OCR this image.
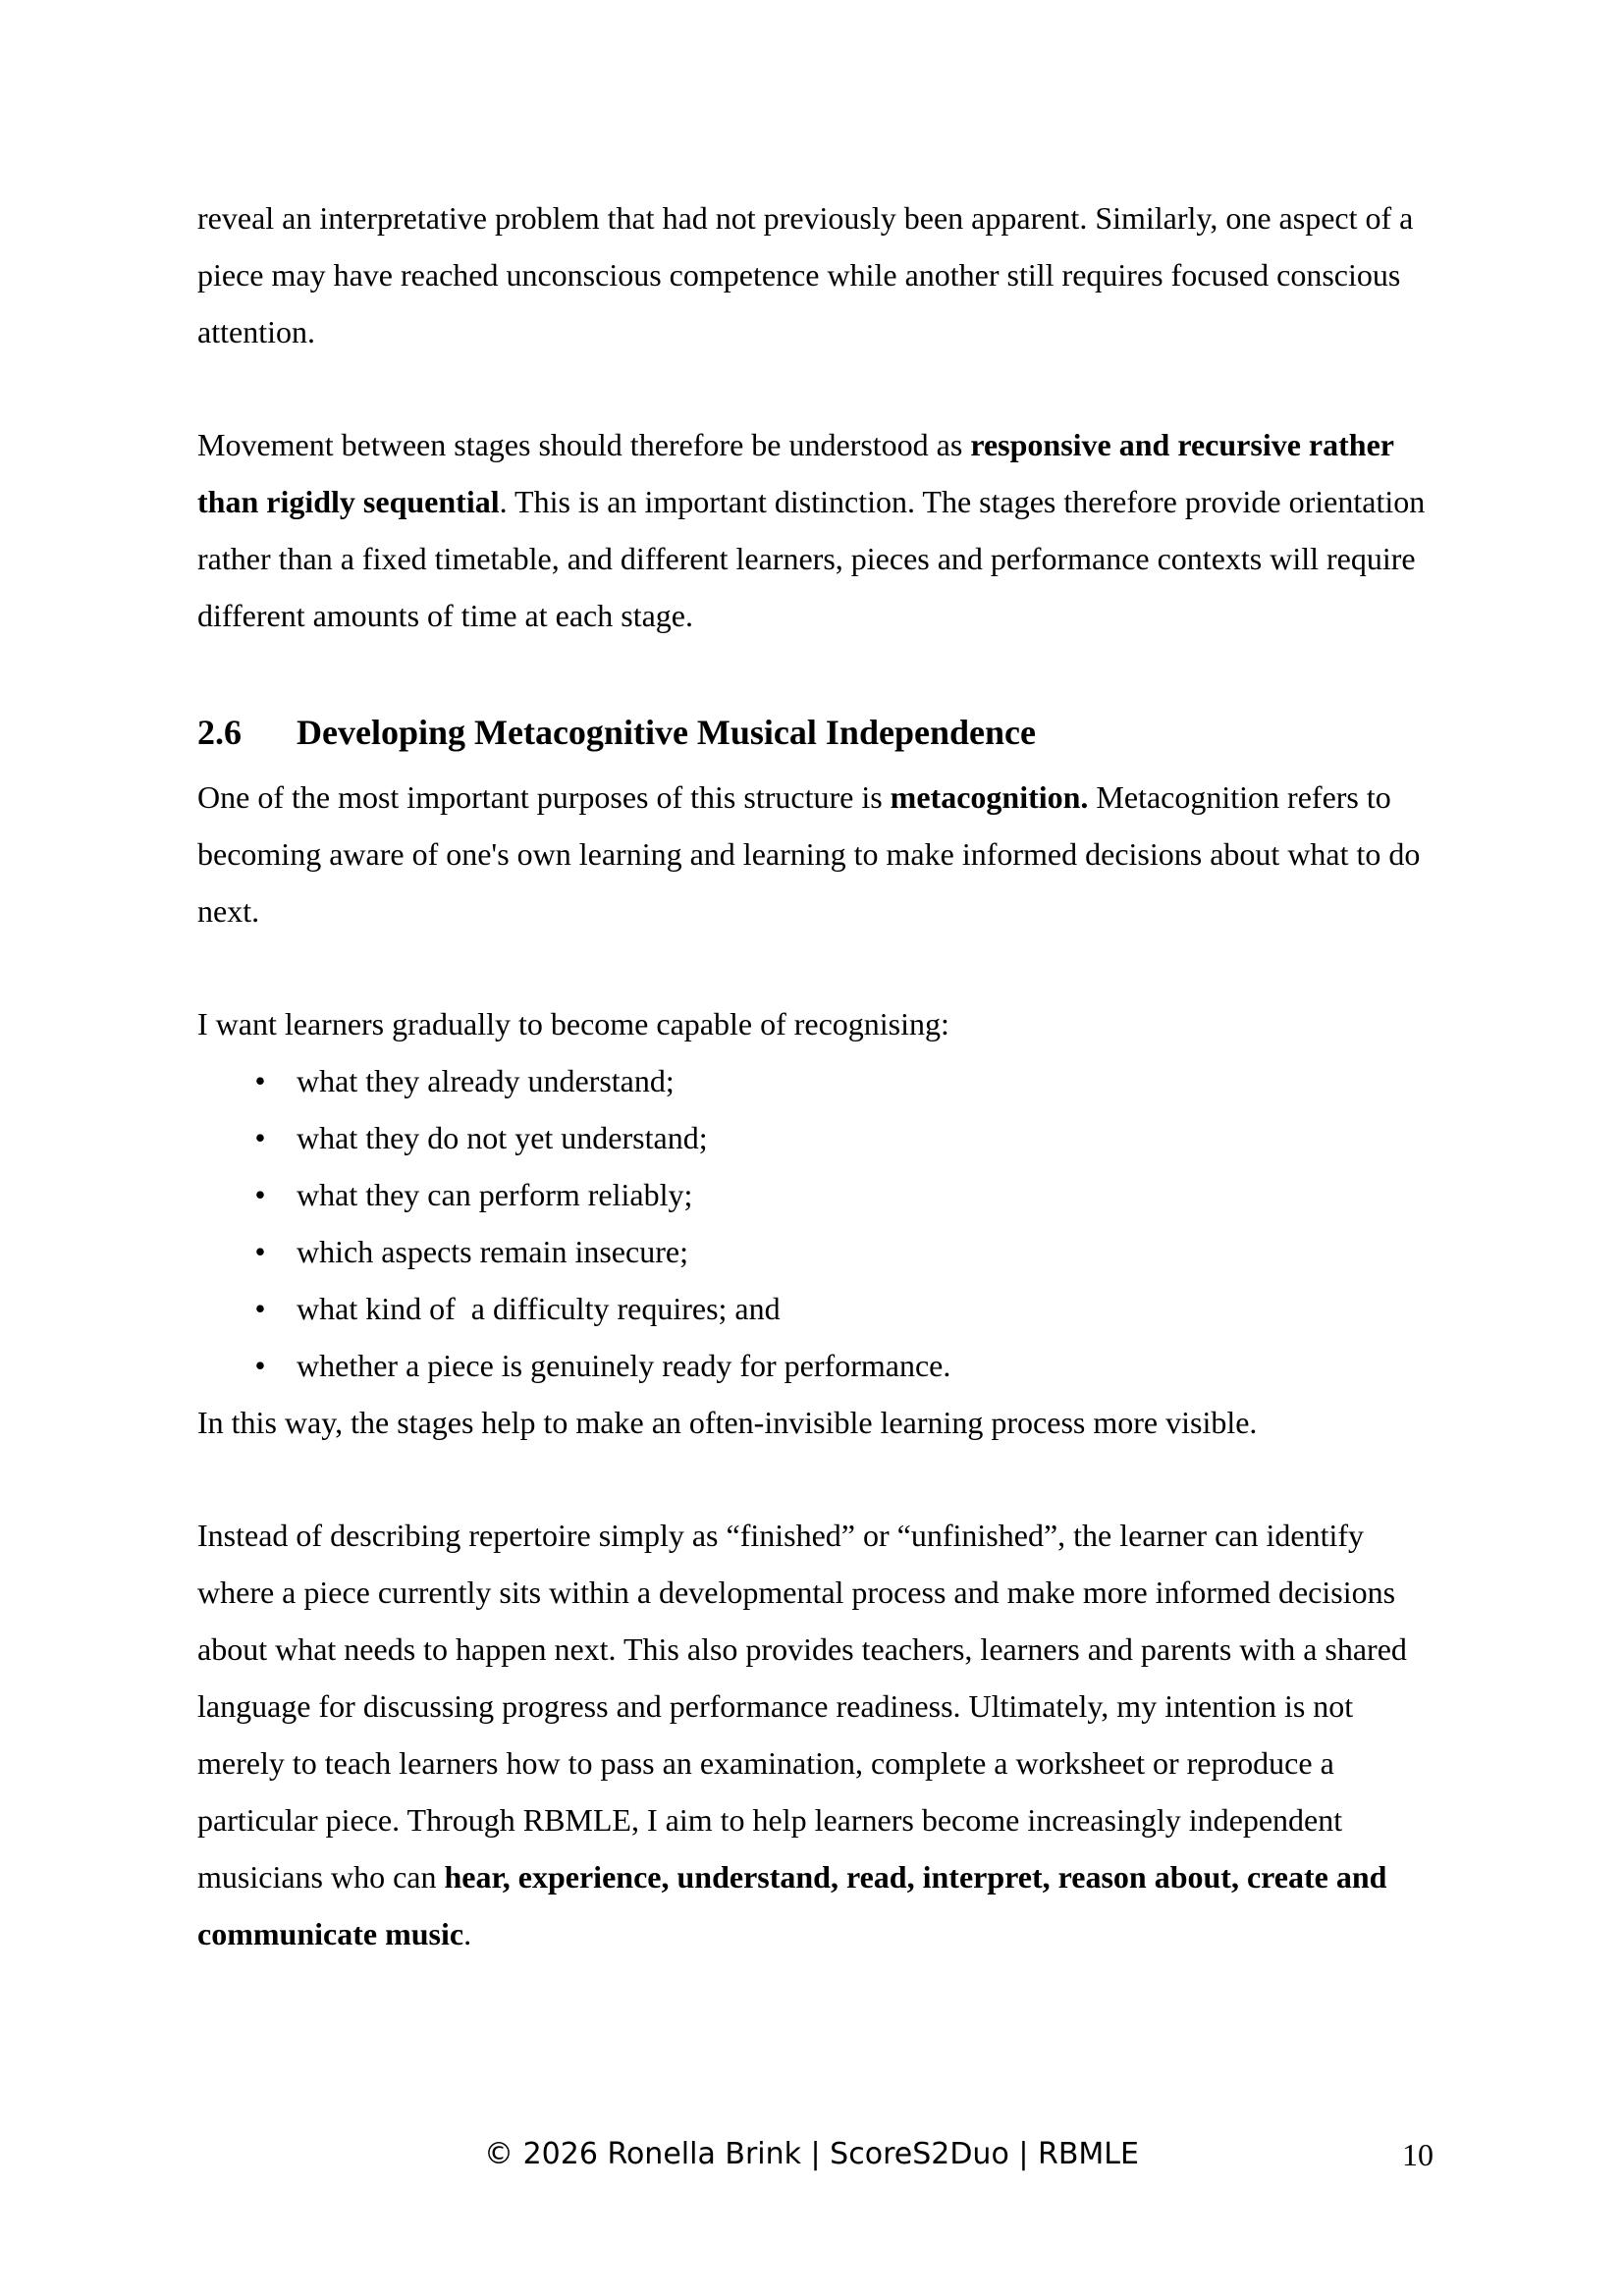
reveal an interpretative problem that had not previously been apparent. Similarly, one aspect of a piece may have reached unconscious competence while another still requires focused conscious attention.

Movement between stages should therefore be understood as responsive and recursive rather than rigidly sequential. This is an important distinction. The stages therefore provide orientation rather than a fixed timetable, and different learners, pieces and performance contexts will require different amounts of time at each stage.

2.6 Developing Metacognitive Musical Independence

One of the most important purposes of this structure is metacognition. Metacognition refers to becoming aware of one's own learning and learning to make informed decisions about what to do next.

I want learners gradually to become capable of recognising:

• what they already understand;
• what they do not yet understand;
• what they can perform reliably;
• which aspects remain insecure;
• what kind of  a difficulty requires; and
• whether a piece is genuinely ready for performance.

In this way, the stages help to make an often-invisible learning process more visible.

Instead of describing repertoire simply as “finished” or “unfinished”, the learner can identify where a piece currently sits within a developmental process and make more informed decisions about what needs to happen next. This also provides teachers, learners and parents with a shared language for discussing progress and performance readiness. Ultimately, my intention is not merely to teach learners how to pass an examination, complete a worksheet or reproduce a particular piece. Through RBMLE, I aim to help learners become increasingly independent musicians who can hear, experience, understand, read, interpret, reason about, create and communicate music.

© 2026 Ronella Brink | ScoreS2Duo | RBMLE	10
